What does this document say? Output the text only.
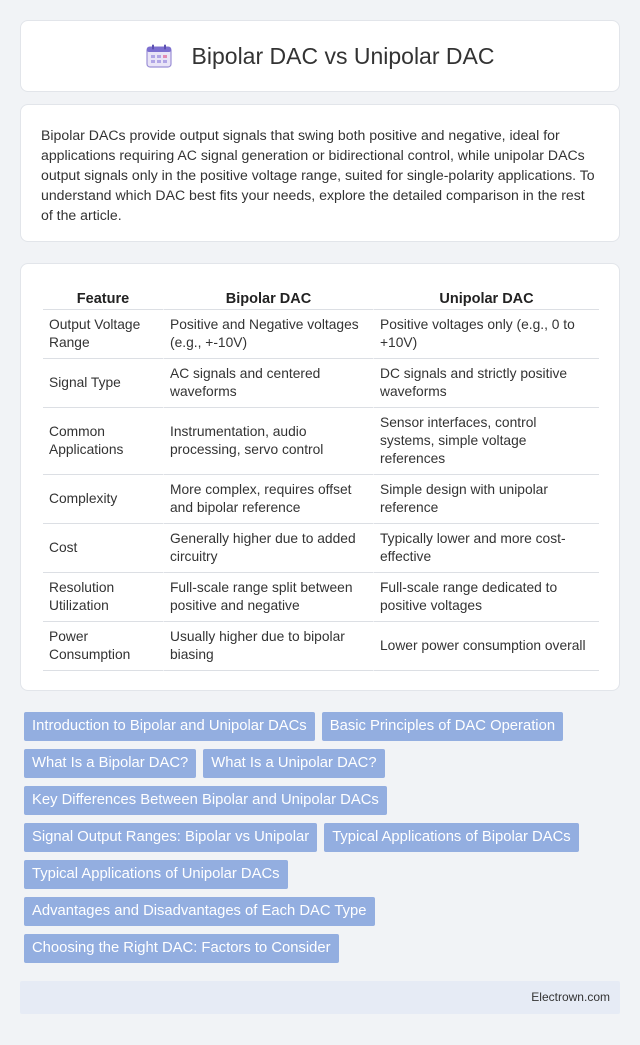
Bipolar DAC vs Unipolar DAC

Bipolar DACs provide output signals that swing both positive and negative, ideal for applications requiring AC signal generation or bidirectional control, while unipolar DACs output signals only in the positive voltage range, suited for single-polarity applications. To understand which DAC best fits your needs, explore the detailed comparison in the rest of the article.

Feature	Bipolar DAC	Unipolar DAC
Output Voltage Range	Positive and Negative voltages (e.g., +-10V)	Positive voltages only (e.g., 0 to +10V)
Signal Type	AC signals and centered waveforms	DC signals and strictly positive waveforms
Common Applications	Instrumentation, audio processing, servo control	Sensor interfaces, control systems, simple voltage references
Complexity	More complex, requires offset and bipolar reference	Simple design with unipolar reference
Cost	Generally higher due to added circuitry	Typically lower and more cost-effective
Resolution Utilization	Full-scale range split between positive and negative	Full-scale range dedicated to positive voltages
Power Consumption	Usually higher due to bipolar biasing	Lower power consumption overall
Introduction to Bipolar and Unipolar DACs	Basic Principles of DAC Operation
What Is a Bipolar DAC?	What Is a Unipolar DAC?
Key Differences Between Bipolar and Unipolar DACs
Signal Output Ranges: Bipolar vs Unipolar	Typical Applications of Bipolar DACs
Typical Applications of Unipolar DACs
Advantages and Disadvantages of Each DAC Type
Choosing the Right DAC: Factors to Consider
Electrown.com
